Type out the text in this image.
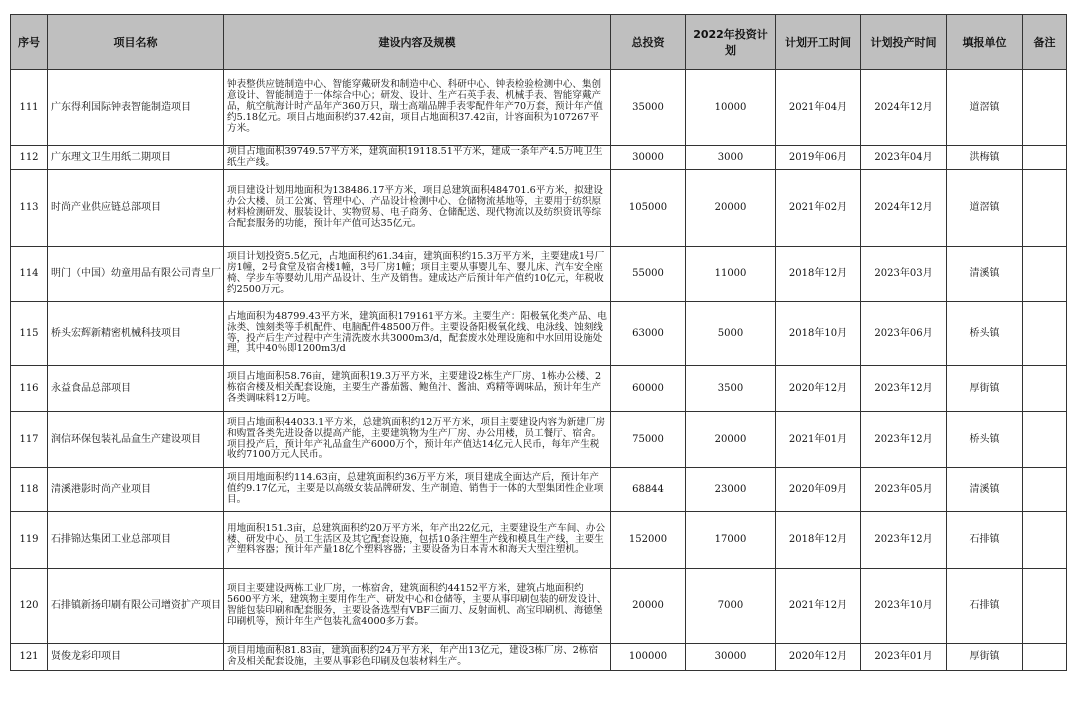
序号	项目名称	建设内容及规模	总投资	2022年投资计划	计划开工时间	计划投产时间	填报单位	备注
111	广东得利国际钟表智能制造项目	钟表整供应链制造中心、智能穿戴研发和制造中心、科研中心、钟表检验检测中心、集创意设计、智能制造于一体综合中心；研发、设计、生产石英手表、机械手表、智能穿戴产品，航空航海计时产品年产360万只，瑞士高端品牌手表零配件年产70万套，预计年产值约5.18亿元。项目占地面积约37.42亩，项目占地面积37.42亩，计容面积为107267平方米。	35000	10000	2021年04月	2024年12月	道滘镇	
112	广东理文卫生用纸二期项目	项目占地面积39749.57平方米，建筑面积19118.51平方米，建成一条年产4.5万吨卫生纸生产线。	30000	3000	2019年06月	2023年04月	洪梅镇	
113	时尚产业供应链总部项目	项目建设计划用地面积为138486.17平方米，项目总建筑面积484701.6平方米，拟建设办公大楼、员工公寓、管理中心、产品设计检测中心、仓储物流基地等，主要用于纺织原材料检测研发、服装设计、实物贸易、电子商务、仓储配送、现代物流以及纺织资讯等综合配套服务的功能，预计年产值可达35亿元。	105000	20000	2021年02月	2024年12月	道滘镇	
114	明门（中国）幼童用品有限公司青皇厂	项目计划投资5.5亿元，占地面积约61.34亩，建筑面积约15.3万平方米，主要建成1号厂房1幢，2号食堂及宿舍楼1幢，3号厂房1幢；项目主要从事婴儿车、婴儿床、汽车安全座椅、学步车等婴幼儿用产品设计、生产及销售。建成达产后预计年产值约10亿元，年税收约2500万元。	55000	11000	2018年12月	2023年03月	清溪镇	
115	桥头宏辉新精密机械科技项目	占地面积为48799.43平方米，建筑面积179161平方米。主要生产：阳极氧化类产品、电泳类、蚀刻类等手机配件、电脑配件48500万件。主要设备阳极氧化线、电泳线、蚀刻线等，投产后生产过程中产生清洗废水共3000m3/d，配套废水处理设施和中水回用设施处理，其中40％即1200m3/d	63000	5000	2018年10月	2023年06月	桥头镇	
116	永益食品总部项目	项目占地面积58.76亩，建筑面积19.3万平方米，主要建设2栋生产厂房、1栋办公楼、2栋宿舍楼及相关配套设施，主要生产番茄酱、鲍鱼汁、酱油、鸡精等调味品，预计年生产各类调味料12万吨。	60000	3500	2020年12月	2023年12月	厚街镇	
117	润信环保包装礼品盒生产建设项目	项目占地面积44033.1平方米，总建筑面积约12万平方米，项目主要建设内容为新建厂房和购置各类先进设备以提高产能，主要建筑物为生产厂房、办公用楼，员工餐厅、宿舍。项目投产后，预计年产礼品盒生产6000万个，预计年产值达14亿元人民币，每年产生税收约7100万元人民币。	75000	20000	2021年01月	2023年12月	桥头镇	
118	清溪港影时尚产业项目	项目用地面积约114.63亩，总建筑面积约36万平方米，项目建成全面达产后，预计年产值约9.17亿元，主要是以高级女装品牌研发、生产制造、销售于一体的大型集团性企业项目。	68844	23000	2020年09月	2023年05月	清溪镇	
119	石排锦达集团工业总部项目	用地面积151.3亩，总建筑面积约20万平方米，年产出22亿元，主要建设生产车间、办公楼、研发中心、员工生活区及其它配套设施，包括10条注塑生产线和模具生产线，主要生产塑料容器；预计年产量18亿个塑料容器；主要设备为日本青木和海天大型注塑机。	152000	17000	2018年12月	2023年12月	石排镇	
120	石排镇新扬印刷有限公司增资扩产项目	项目主要建设两栋工业厂房，一栋宿舍，建筑面积约44152平方米，建筑占地面积约5600平方米，建筑物主要用作生产、研发中心和仓储等，主要从事印刷包装的研发设计、智能包装印刷和配套服务，主要设备选型有VBF三面刀、反射面机、高宝印刷机、海德堡印刷机等，预计年生产包装礼盒4000多万套。	20000	7000	2021年12月	2023年10月	石排镇	
121	贤俊龙彩印项目	项目用地面积81.83亩，建筑面积约24万平方米，年产出13亿元，建设3栋厂房、2栋宿舍及相关配套设施，主要从事彩色印刷及包装材料生产。	100000	30000	2020年12月	2023年01月	厚街镇	
